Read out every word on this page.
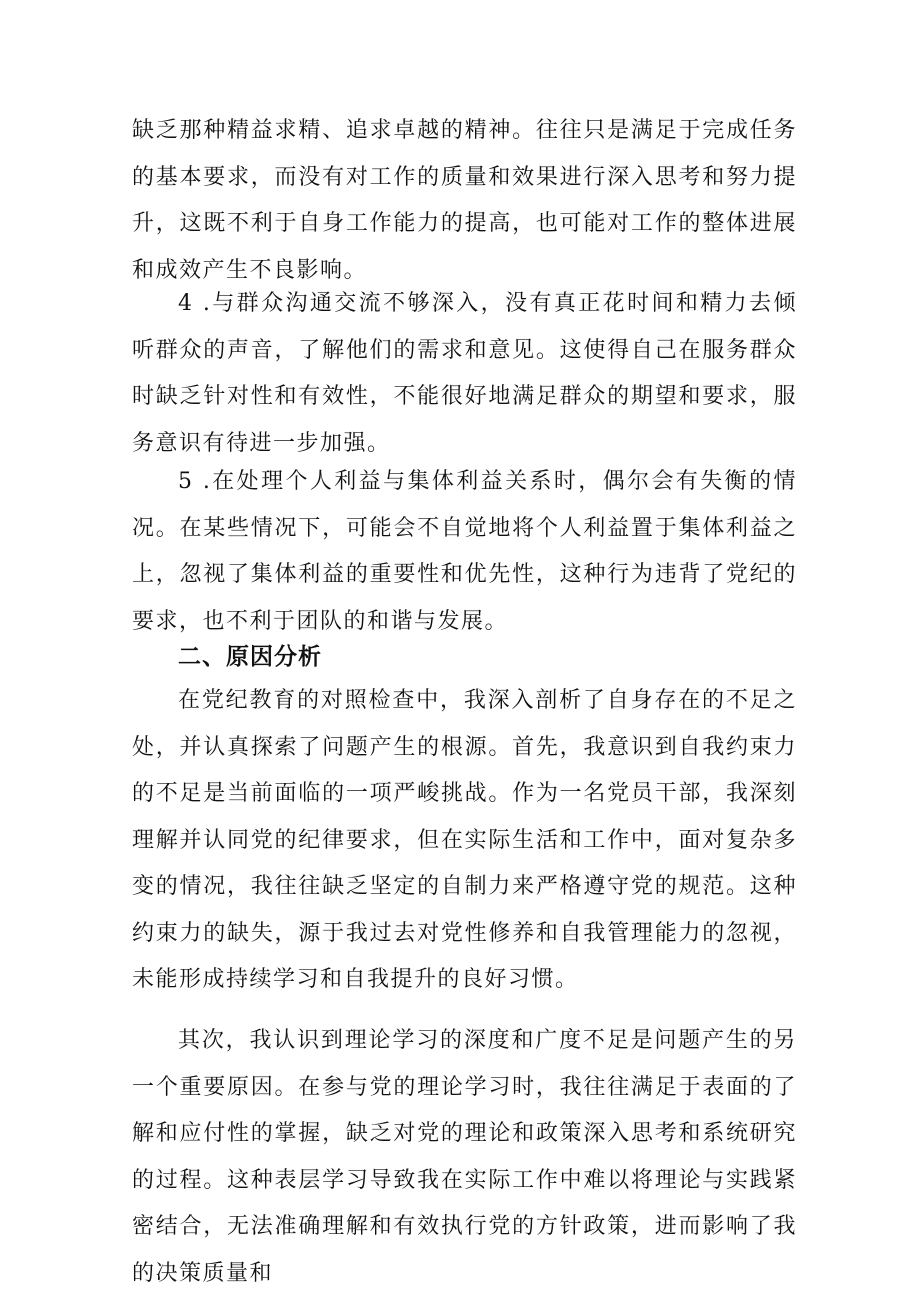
缺乏那种精益求精、追求卓越的精神。往往只是满足于完成任务的基本要求，而没有对工作的质量和效果进行深入思考和努力提升，这既不利于自身工作能力的提高，也可能对工作的整体进展和成效产生不良影响。

4 .与群众沟通交流不够深入，没有真正花时间和精力去倾听群众的声音，了解他们的需求和意见。这使得自己在服务群众时缺乏针对性和有效性，不能很好地满足群众的期望和要求，服务意识有待进一步加强。

5 .在处理个人利益与集体利益关系时，偶尔会有失衡的情况。在某些情况下，可能会不自觉地将个人利益置于集体利益之上，忽视了集体利益的重要性和优先性，这种行为违背了党纪的要求，也不利于团队的和谐与发展。

二、原因分析

在党纪教育的对照检查中，我深入剖析了自身存在的不足之处，并认真探索了问题产生的根源。首先，我意识到自我约束力的不足是当前面临的一项严峻挑战。作为一名党员干部，我深刻理解并认同党的纪律要求，但在实际生活和工作中，面对复杂多变的情况，我往往缺乏坚定的自制力来严格遵守党的规范。这种约束力的缺失，源于我过去对党性修养和自我管理能力的忽视，未能形成持续学习和自我提升的良好习惯。

其次，我认识到理论学习的深度和广度不足是问题产生的另一个重要原因。在参与党的理论学习时，我往往满足于表面的了解和应付性的掌握，缺乏对党的理论和政策深入思考和系统研究的过程。这种表层学习导致我在实际工作中难以将理论与实践紧密结合，无法准确理解和有效执行党的方针政策，进而影响了我的决策质量和
